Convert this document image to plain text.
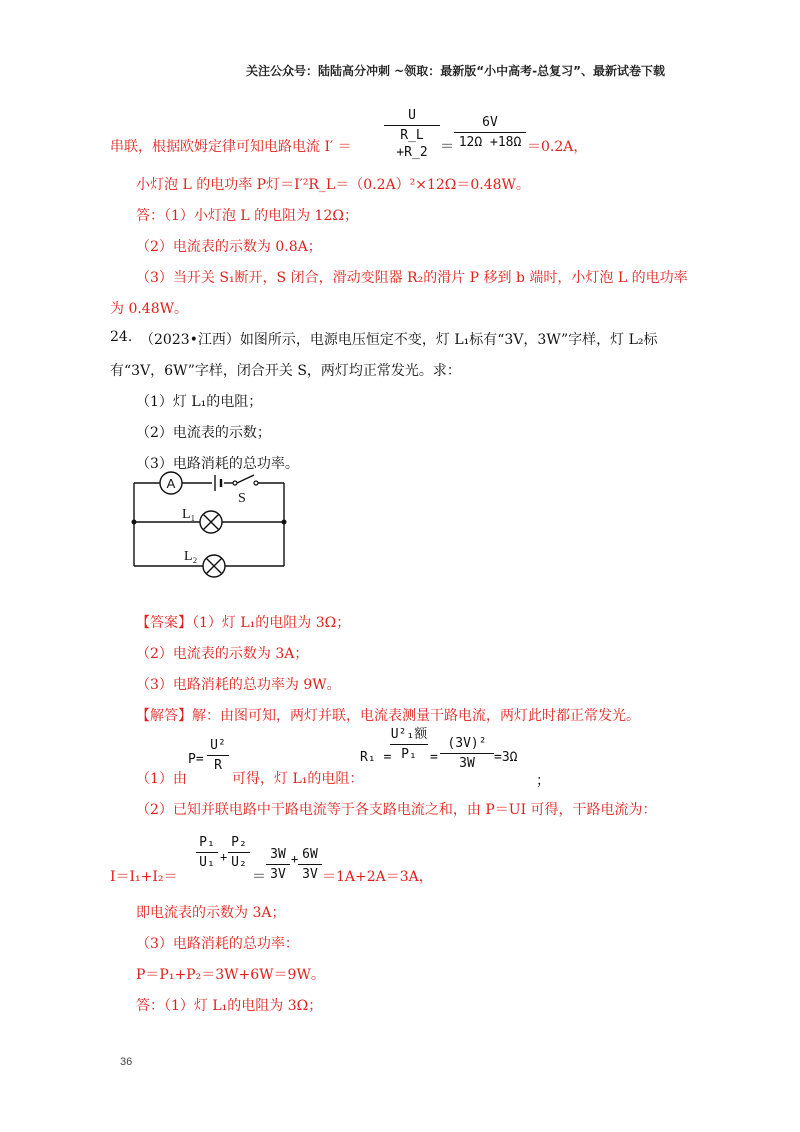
关注公众号：陆陆高分冲刺 ~领取：最新版“小中高考-总复习”、最新试卷下载
串联，根据欧姆定律可知电路电流 I′ ＝
U
R_L +R_2 ＝
6V
12Ω +18Ω ＝0.2A，
小灯泡 L 的电功率 P灯＝I′²R_L＝（0.2A）²×12Ω＝0.48W。
答：（1）小灯泡 L 的电阻为 12Ω；
（2）电流表的示数为 0.8A；
（3）当开关 S₁断开，S 闭合，滑动变阻器 R₂的滑片 P 移到 b 端时，小灯泡 L 的电功率
为 0.48W。
24. （2023•江西）如图所示，电源电压恒定不变，灯 L₁标有“3V，3W”字样，灯 L₂标
有“3V，6W”字样，闭合开关 S，两灯均正常发光。求：
（1）灯 L₁的电阻；
（2）电流表的示数；
（3）电路消耗的总功率。
A
S
L₁
L₂
【答案】（1）灯 L₁的电阻为 3Ω；
（2）电流表的示数为 3A；
（3）电路消耗的总功率为 9W。
【解答】解：由图可知，两灯并联，电流表测量干路电流，两灯此时都正常发光。
（1）由
P=
U²
R
可得，灯 L₁的电阻：
R₁ =
U²₁额
P₁	=
(3V)²
3W	=3Ω
；
（2）已知并联电路中干路电流等于各支路电流之和，由 P＝UI 可得，干路电流为：
I＝I₁+I₂＝
P₁
U₁ +
P₂
U₂
＝
3W
3V
+ 6W
3V ＝1A+2A＝3A，
即电流表的示数为 3A；
（3）电路消耗的总功率：
P＝P₁+P₂＝3W+6W＝9W。
答：（1）灯 L₁的电阻为 3Ω；
36
